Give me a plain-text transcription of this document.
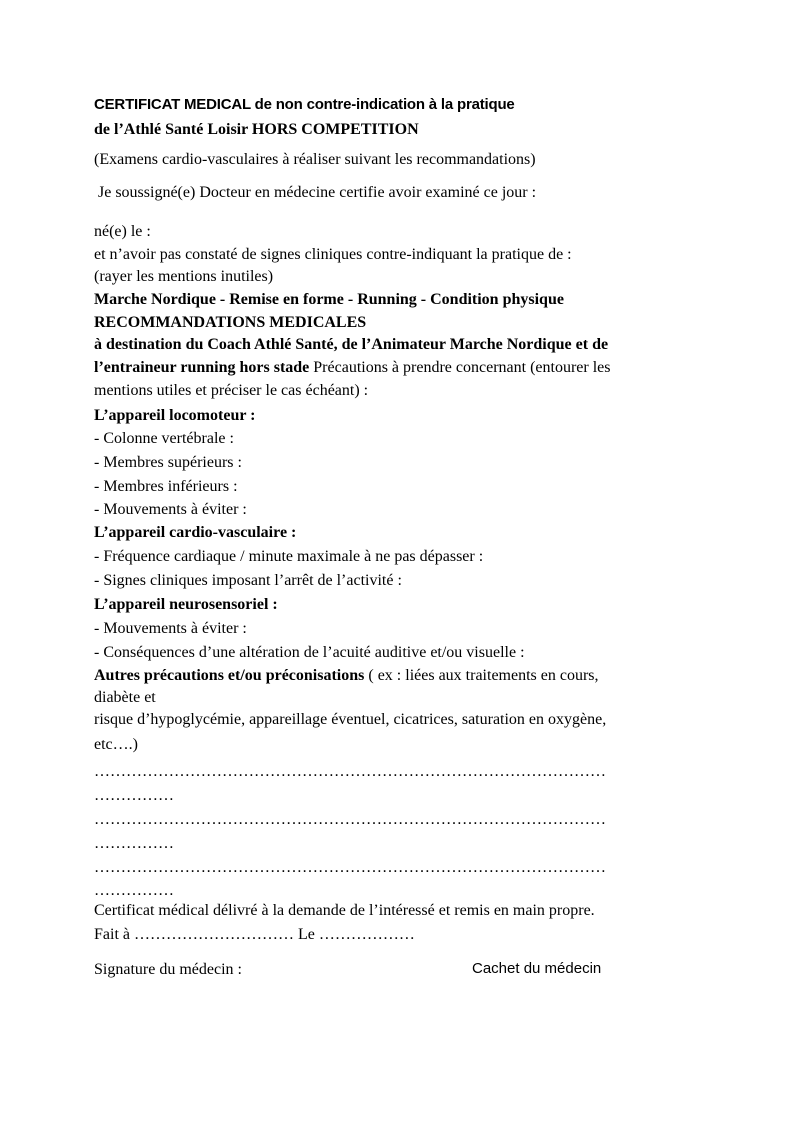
CERTIFICAT MEDICAL de non contre-indication à la pratique
de l’Athlé Santé Loisir HORS COMPETITION
(Examens cardio-vasculaires à réaliser suivant les recommandations)
Je soussigné(e) Docteur en médecine certifie avoir examiné ce jour :
né(e) le :
et n’avoir pas constaté de signes cliniques contre-indiquant la pratique de :
(rayer les mentions inutiles)
Marche Nordique - Remise en forme - Running - Condition physique
RECOMMANDATIONS MEDICALES
à destination du Coach Athlé Santé, de l’Animateur Marche Nordique et de
l’entraineur running hors stade Précautions à prendre concernant (entourer les
mentions utiles et préciser le cas échéant) :
L’appareil locomoteur :
- Colonne vertébrale :
- Membres supérieurs :
- Membres inférieurs :
- Mouvements à éviter :
L’appareil cardio-vasculaire :
- Fréquence cardiaque / minute maximale à ne pas dépasser :
- Signes cliniques imposant l’arrêt de l’activité :
L’appareil neurosensoriel :
- Mouvements à éviter :
- Conséquences d’une altération de l’acuité auditive et/ou visuelle :
Autres précautions et/ou préconisations ( ex : liées aux traitements en cours,
diabète et
risque d’hypoglycémie, appareillage éventuel, cicatrices, saturation en oxygène,
etc….)
……………………………………………………………………………………
……………
……………………………………………………………………………………
……………
……………………………………………………………………………………
……………
Certificat médical délivré à la demande de l’intéressé et remis en main propre.
Fait à ………………………… Le ………………
Signature du médecin :	Cachet du médecin
